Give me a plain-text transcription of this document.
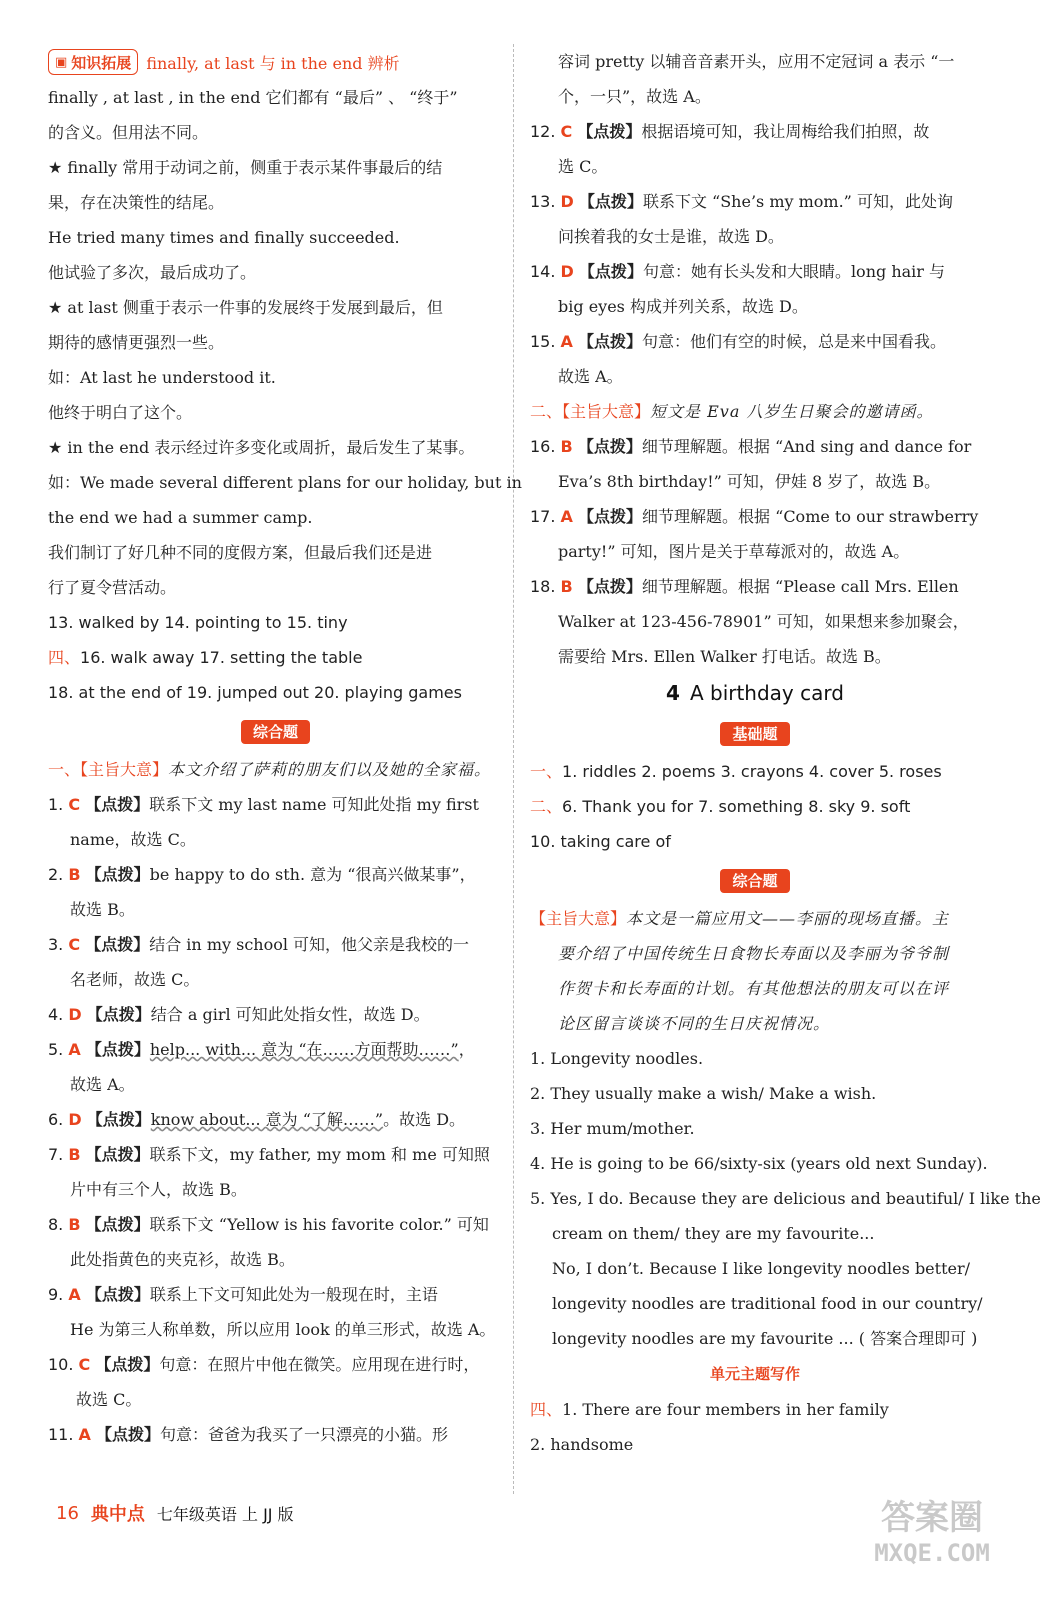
▣ 知识拓展 finally, at last 与 in the end 辨析
finally , at last , in the end 它们都有 “最后” 、 “终于”
的含义。但用法不同。
★ finally 常用于动词之前，侧重于表示某件事最后的结
果，存在决策性的结尾。
He tried many times and finally succeeded.
他试验了多次，最后成功了。
★ at last 侧重于表示一件事的发展终于发展到最后，但
期待的感情更强烈一些。
如：At last he understood it.
他终于明白了这个。
★ in the end 表示经过许多变化或周折，最后发生了某事。
如：We made several different plans for our holiday, but in
the end we had a summer camp.
我们制订了好几种不同的度假方案，但最后我们还是进
行了夏令营活动。
13. walked by 14. pointing to 15. tiny
四、16. walk away 17. setting the table
18. at the end of 19. jumped out 20. playing games
综合题
一、【主旨大意】本文介绍了萨莉的朋友们以及她的全家福。
1. C 【点拨】联系下文 my last name 可知此处指 my first
name，故选 C。
2. B 【点拨】be happy to do sth. 意为 “很高兴做某事”，
故选 B。
3. C 【点拨】结合 in my school 可知，他父亲是我校的一
名老师，故选 C。
4. D 【点拨】结合 a girl 可知此处指女性，故选 D。
5. A 【点拨】help... with... 意为 “在……方面帮助……”，
故选 A。
6. D 【点拨】know about... 意为 “了解……”。故选 D。
7. B 【点拨】联系下文，my father, my mom 和 me 可知照
片中有三个人，故选 B。
8. B 【点拨】联系下文 “Yellow is his favorite color.” 可知
此处指黄色的夹克衫，故选 B。
9. A 【点拨】联系上下文可知此处为一般现在时，主语
He 为第三人称单数，所以应用 look 的单三形式，故选 A。
10. C 【点拨】句意：在照片中他在微笑。应用现在进行时，
故选 C。
11. A 【点拨】句意：爸爸为我买了一只漂亮的小猫。形
容词 pretty 以辅音音素开头，应用不定冠词 a 表示 “一
个，一只”，故选 A。
12. C 【点拨】根据语境可知，我让周梅给我们拍照，故
选 C。
13. D 【点拨】联系下文 “She’s my mom.” 可知，此处询
问挨着我的女士是谁，故选 D。
14. D 【点拨】句意：她有长头发和大眼睛。long hair 与
big eyes 构成并列关系，故选 D。
15. A 【点拨】句意：他们有空的时候，总是来中国看我。
故选 A。
二、【主旨大意】短文是 Eva 八岁生日聚会的邀请函。
16. B 【点拨】细节理解题。根据 “And sing and dance for
Eva’s 8th birthday!” 可知，伊娃 8 岁了，故选 B。
17. A 【点拨】细节理解题。根据 “Come to our strawberry
party!” 可知，图片是关于草莓派对的，故选 A。
18. B 【点拨】细节理解题。根据 “Please call Mrs. Ellen
Walker at 123-456-78901” 可知，如果想来参加聚会，
需要给 Mrs. Ellen Walker 打电话。故选 B。
4 A birthday card
基础题
一、1. riddles 2. poems 3. crayons 4. cover 5. roses
二、6. Thank you for 7. something 8. sky 9. soft
10. taking care of
综合题
【主旨大意】本文是一篇应用文——李丽的现场直播。主
要介绍了中国传统生日食物长寿面以及李丽为爷爷制
作贺卡和长寿面的计划。有其他想法的朋友可以在评
论区留言谈谈不同的生日庆祝情况。
1. Longevity noodles.
2. They usually make a wish/ Make a wish.
3. Her mum/mother.
4. He is going to be 66/sixty-six (years old next Sunday).
5. Yes, I do. Because they are delicious and beautiful/ I like the
cream on them/ they are my favourite...
No, I don’t. Because I like longevity noodles better/
longevity noodles are traditional food in our country/
longevity noodles are my favourite ... ( 答案合理即可 )
单元主题写作
四、1. There are four members in her family
2. handsome
16 典中点 七年级英语 上 JJ 版	答案圈
MXQE.COM
